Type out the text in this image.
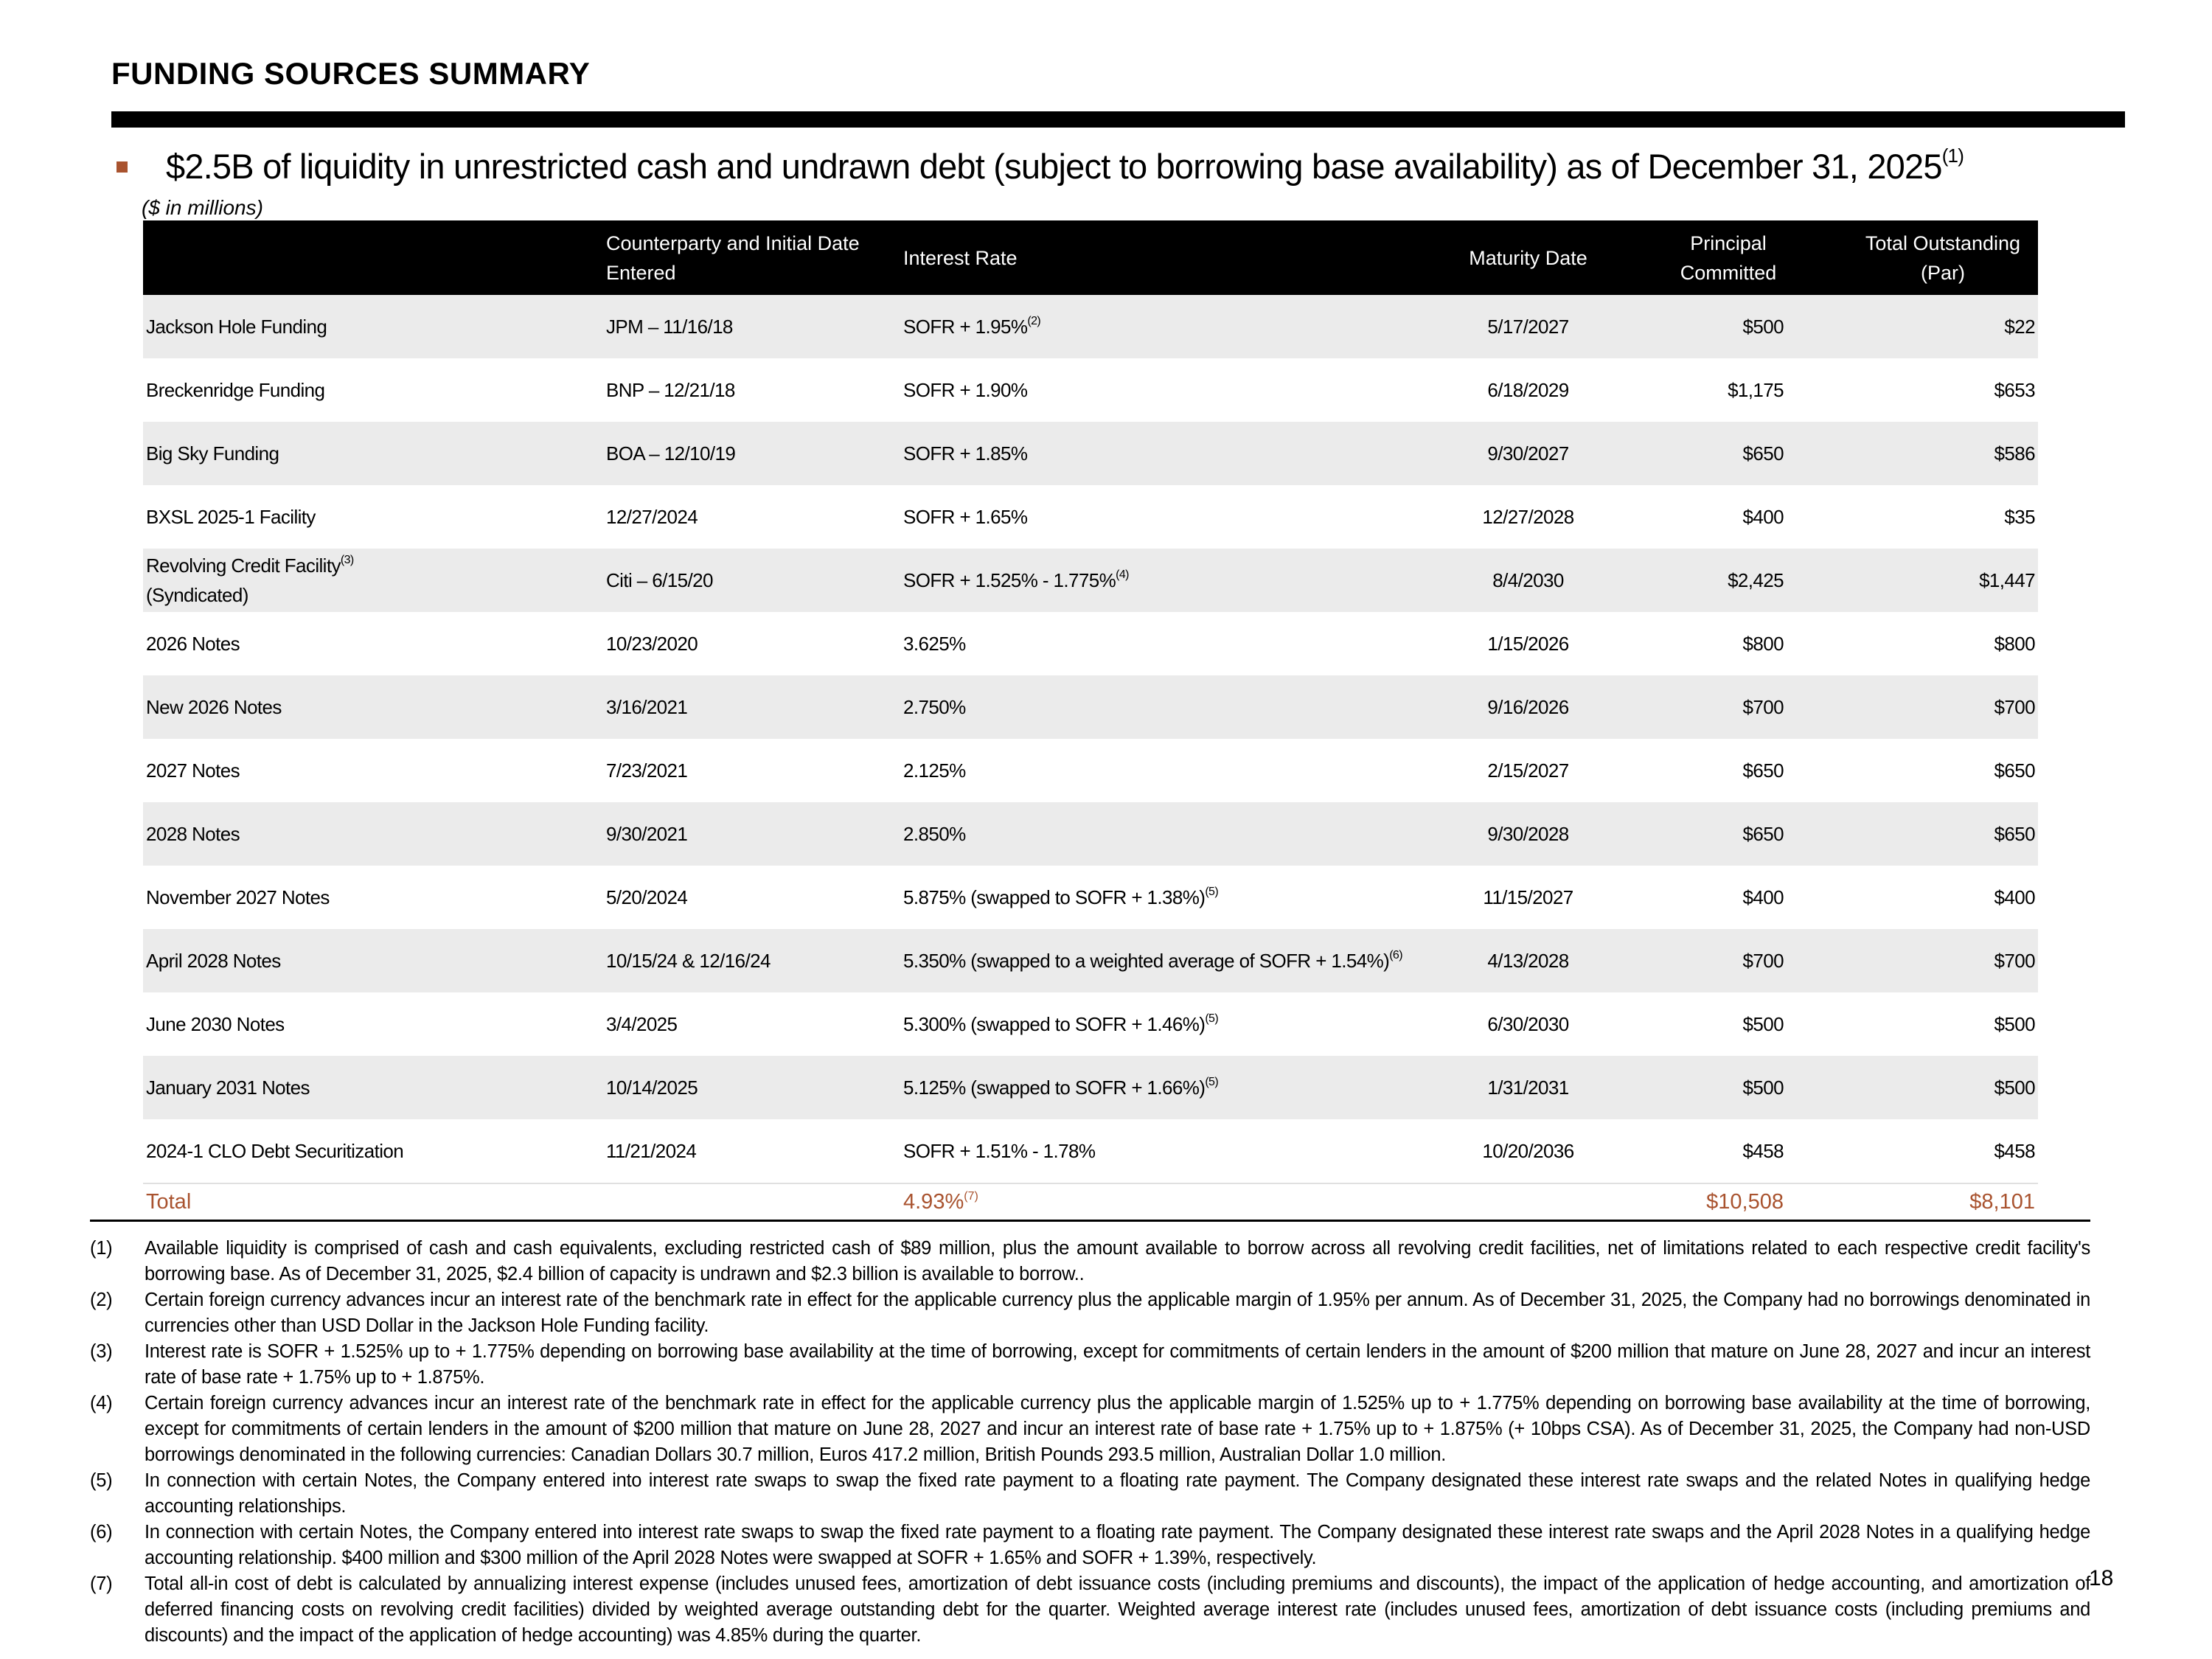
FUNDING SOURCES SUMMARY
$2.5B of liquidity in unrestricted cash and undrawn debt (subject to borrowing base availability) as of December 31, 2025$^{(1)}$
($ in millions)
	Counterparty and Initial Date Entered	Interest Rate	Maturity Date	Principal Committed	Total Outstanding (Par)

Jackson Hole Funding	JPM – 11/16/18	SOFR + 1.95%$^{(2)}$	5/17/2027	$500	$22
Breckenridge Funding	BNP – 12/21/18	SOFR + 1.90%	6/18/2029	$1,175	$653
Big Sky Funding	BOA – 12/10/19	SOFR + 1.85%	9/30/2027	$650	$586
BXSL 2025-1 Facility	12/27/2024	SOFR + 1.65%	12/27/2028	$400	$35
Revolving Credit Facility$^{(3)}$
(Syndicated)	Citi – 6/15/20	SOFR + 1.525% - 1.775%$^{(4)}$	8/4/2030	$2,425	$1,447
2026 Notes	10/23/2020	3.625%	1/15/2026	$800	$800
New 2026 Notes	3/16/2021	2.750%	9/16/2026	$700	$700
2027 Notes	7/23/2021	2.125%	2/15/2027	$650	$650
2028 Notes	9/30/2021	2.850%	9/30/2028	$650	$650
November 2027 Notes	5/20/2024	5.875% (swapped to SOFR + 1.38%)$^{(5)}$	11/15/2027	$400	$400
April 2028 Notes	10/15/24 & 12/16/24	5.350% (swapped to a weighted average of SOFR + 1.54%)$^{(6)}$	4/13/2028	$700	$700
June 2030 Notes	3/4/2025	5.300% (swapped to SOFR + 1.46%)$^{(5)}$	6/30/2030	$500	$500
January 2031 Notes	10/14/2025	5.125% (swapped to SOFR + 1.66%)$^{(5)}$	1/31/2031	$500	$500
2024-1 CLO Debt Securitization	11/21/2024	SOFR + 1.51% - 1.78%	10/20/2036	$458	$458
Total		4.93%$^{(7)}$		$10,508	$8,101
(1)	Available liquidity is comprised of cash and cash equivalents, excluding restricted cash of $89 million, plus the amount available to borrow across all revolving credit facilities, net of limitations related to each respective credit facility's borrowing base. As of December 31, 2025, $2.4 billion of capacity is undrawn and $2.3 billion is available to borrow..
(2)	Certain foreign currency advances incur an interest rate of the benchmark rate in effect for the applicable currency plus the applicable margin of 1.95% per annum. As of December 31, 2025, the Company had no borrowings denominated in currencies other than USD Dollar in the Jackson Hole Funding facility.
(3)	Interest rate is SOFR + 1.525% up to + 1.775% depending on borrowing base availability at the time of borrowing, except for commitments of certain lenders in the amount of $200 million that mature on June 28, 2027 and incur an interest rate of base rate + 1.75% up to + 1.875%.
(4)	Certain foreign currency advances incur an interest rate of the benchmark rate in effect for the applicable currency plus the applicable margin of 1.525% up to + 1.775% depending on borrowing base availability at the time of borrowing, except for commitments of certain lenders in the amount of $200 million that mature on June 28, 2027 and incur an interest rate of base rate + 1.75% up to + 1.875% (+ 10bps CSA). As of December 31, 2025, the Company had non-USD borrowings denominated in the following currencies: Canadian Dollars 30.7 million, Euros 417.2 million, British Pounds 293.5 million, Australian Dollar 1.0 million.
(5)	In connection with certain Notes, the Company entered into interest rate swaps to swap the fixed rate payment to a floating rate payment. The Company designated these interest rate swaps and the related Notes in qualifying hedge accounting relationships.
(6)	In connection with certain Notes, the Company entered into interest rate swaps to swap the fixed rate payment to a floating rate payment. The Company designated these interest rate swaps and the April 2028 Notes in a qualifying hedge accounting relationship. $400 million and $300 million of the April 2028 Notes were swapped at SOFR + 1.65% and SOFR + 1.39%, respectively.
(7)	Total all-in cost of debt is calculated by annualizing interest expense (includes unused fees, amortization of debt issuance costs (including premiums and discounts), the impact of the application of hedge accounting, and amortization of deferred financing costs on revolving credit facilities) divided by weighted average outstanding debt for the quarter. Weighted average interest rate (includes unused fees, amortization of debt issuance costs (including premiums and discounts) and the impact of the application of hedge accounting) was 4.85% during the quarter.
18
